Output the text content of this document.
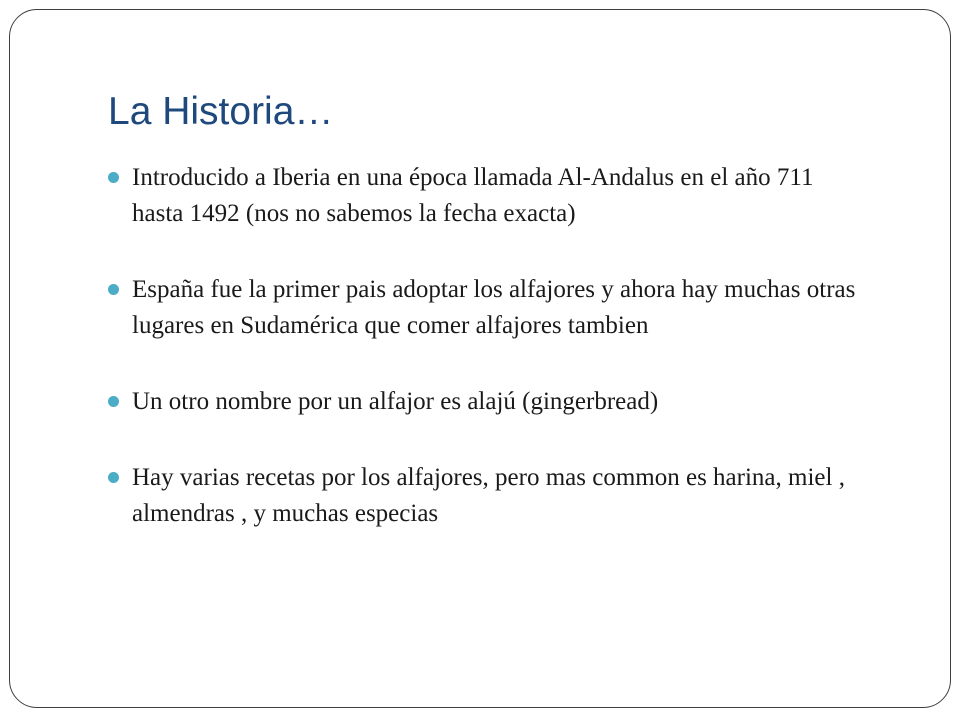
La Historia…
Introducido a Iberia en una época llamada Al-Andalus en el año 711 hasta 1492 (nos no sabemos la fecha exacta)
España fue la primer pais adoptar los alfajores y ahora hay muchas otras lugares en Sudamérica que comer alfajores tambien
Un otro nombre por un alfajor es alajú (gingerbread)
Hay varias recetas por los alfajores, pero mas common es harina, miel , almendras , y muchas especias
